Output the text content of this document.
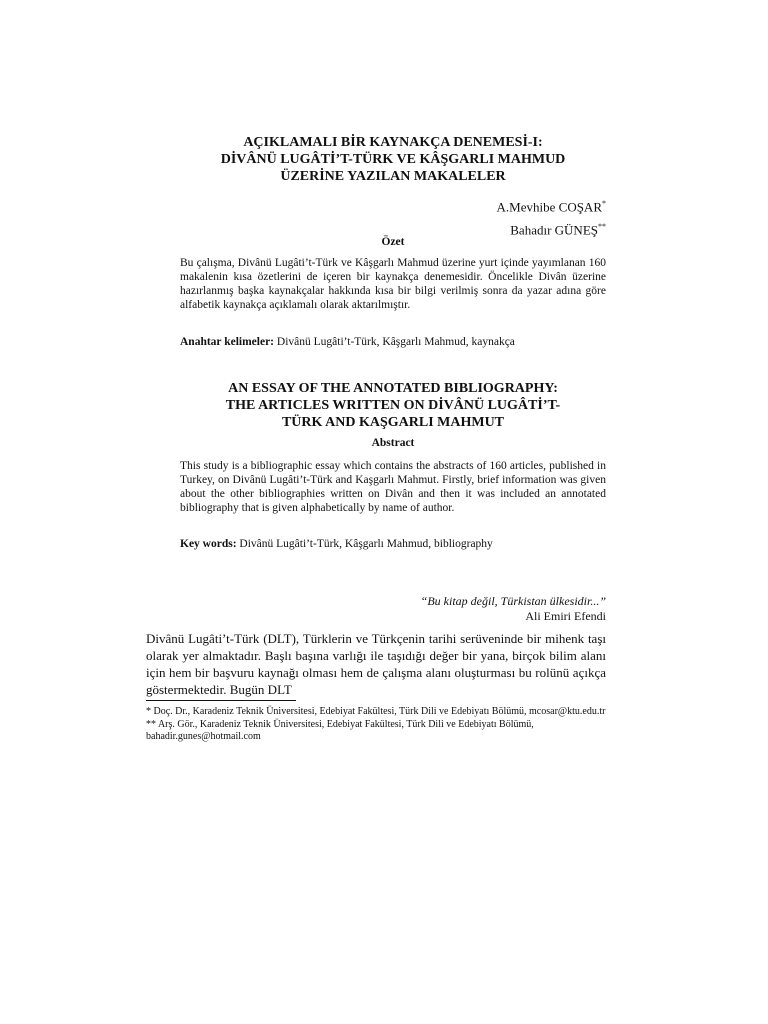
AÇIKLAMALI BİR KAYNAKÇA DENEMESİ-I:
DİVÂNÜ LUGÂTİ’T-TÜRK VE KÂŞGARLI MAHMUD
ÜZERİNE YAZILAN MAKALELER
A.Mevhibe COŞAR*
Bahadır GÜNEŞ**
Özet

Bu çalışma, Divânü Lugâti’t-Türk ve Kâşgarlı Mahmud üzerine yurt içinde yayımlanan 160 makalenin kısa özetlerini de içeren bir kaynakça denemesidir. Öncelikle Divân üzerine hazırlanmış başka kaynakçalar hakkında kısa bir bilgi verilmiş sonra da yazar adına göre alfabetik kaynakça açıklamalı olarak aktarılmıştır.

Anahtar kelimeler: Divânü Lugâti’t-Türk, Kâşgarlı Mahmud, kaynakça

AN ESSAY OF THE ANNOTATED BIBLIOGRAPHY:
THE ARTICLES WRITTEN ON DİVÂNÜ LUGÂTİ’T-
TÜRK AND KAŞGARLI MAHMUT
Abstract

This study is a bibliographic essay which contains the abstracts of 160 articles, published in Turkey, on Divânü Lugâti’t-Türk and Kaşgarlı Mahmut. Firstly, brief information was given about the other bibliographies written on Divân and then it was included an annotated bibliography that is given alphabetically by name of author.

Key words: Divânü Lugâti’t-Türk, Kâşgarlı Mahmud, bibliography

“Bu kitap değil, Türkistan ülkesidir...”
Ali Emiri Efendi

Divânü Lugâti’t-Türk (DLT), Türklerin ve Türkçenin tarihi serüveninde bir mihenk taşı olarak yer almaktadır. Başlı başına varlığı ile taşıdığı değer bir yana, birçok bilim alanı için hem bir başvuru kaynağı olması hem de çalışma alanı oluşturması bu rolünü açıkça göstermektedir. Bugün DLT

* Doç. Dr., Karadeniz Teknik Üniversitesi, Edebiyat Fakültesi, Türk Dili ve Edebiyatı Bölümü, mcosar@ktu.edu.tr

** Arş. Gör., Karadeniz Teknik Üniversitesi, Edebiyat Fakültesi, Türk Dili ve Edebiyatı Bölümü, bahadir.gunes@hotmail.com
